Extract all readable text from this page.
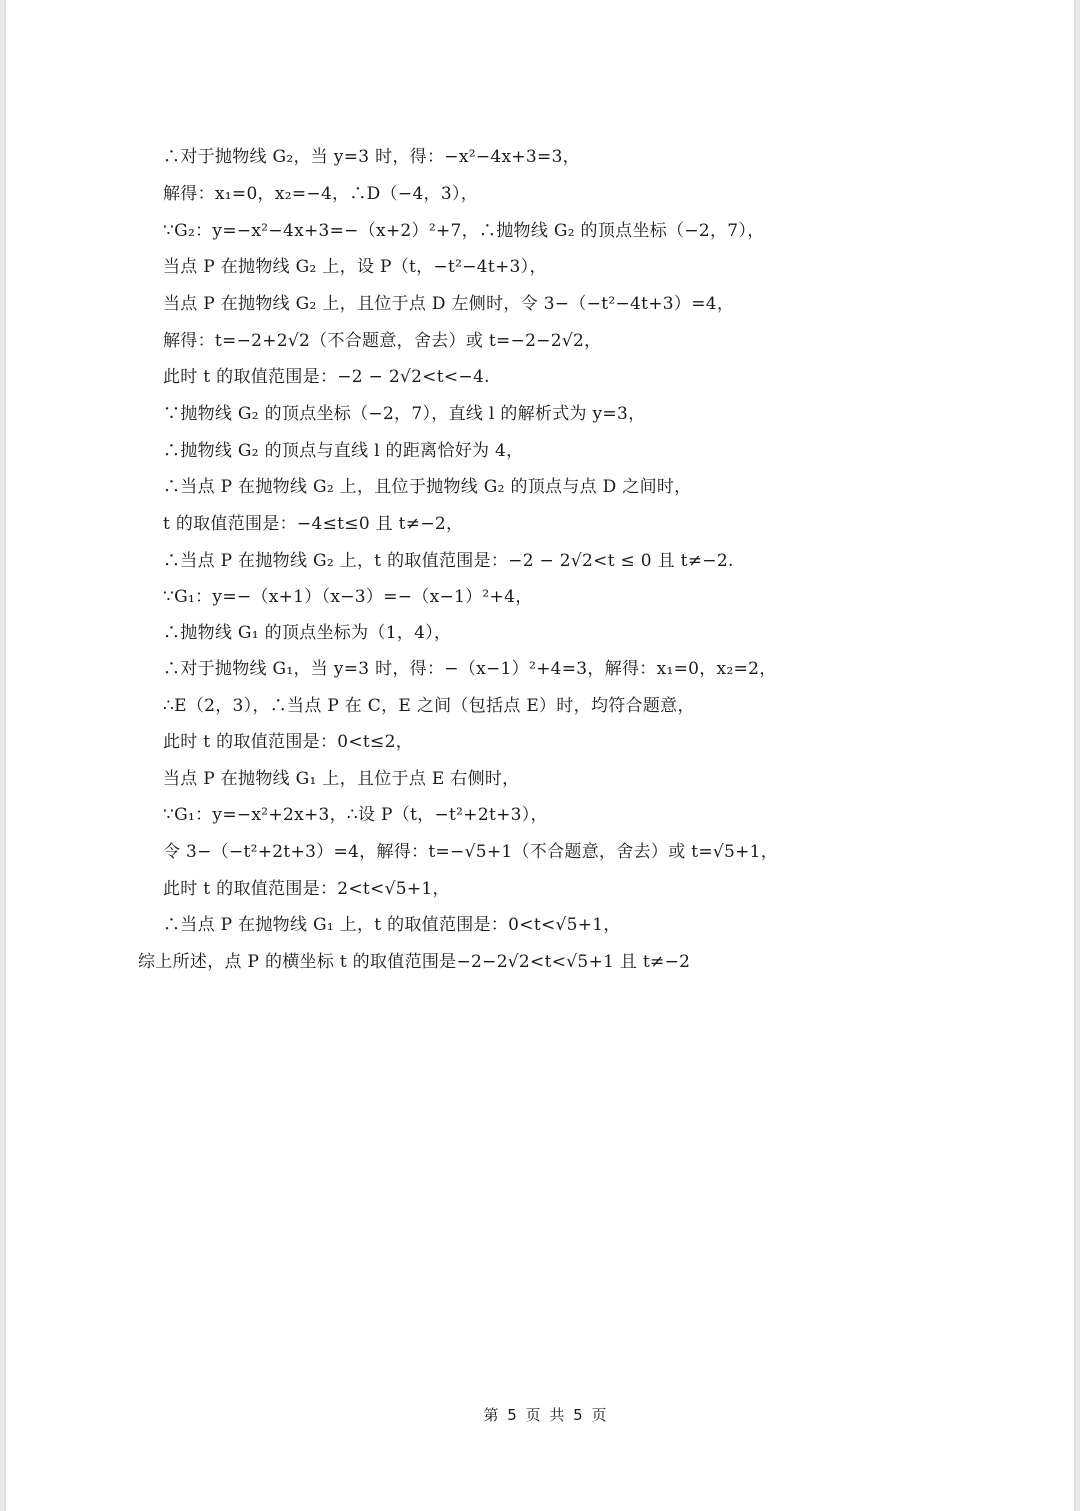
∴对于抛物线 G₂，当 y=3 时，得：−x²−4x+3=3，
解得：x₁=0，x₂=−4，∴D（−4，3），
∵G₂：y=−x²−4x+3=−（x+2）²+7，∴抛物线 G₂ 的顶点坐标（−2，7），
当点 P 在抛物线 G₂ 上，设 P（t，−t²−4t+3），
当点 P 在抛物线 G₂ 上，且位于点 D 左侧时，令 3−（−t²−4t+3）=4，
解得：t=−2+2√2（不合题意，舍去）或 t=−2−2√2，
此时 t 的取值范围是：−2 − 2√2<t<−4.
∵抛物线 G₂ 的顶点坐标（−2，7），直线 l 的解析式为 y=3，
∴抛物线 G₂ 的顶点与直线 l 的距离恰好为 4，
∴当点 P 在抛物线 G₂ 上，且位于抛物线 G₂ 的顶点与点 D 之间时，
t 的取值范围是：−4≤t≤0 且 t≠−2，
∴当点 P 在抛物线 G₂ 上，t 的取值范围是：−2 − 2√2<t ≤ 0 且 t≠−2.
∵G₁：y=−（x+1）（x−3）=−（x−1）²+4，
∴抛物线 G₁ 的顶点坐标为（1，4），
∴对于抛物线 G₁，当 y=3 时，得：−（x−1）²+4=3，解得：x₁=0，x₂=2，
∴E（2，3），∴当点 P 在 C，E 之间（包括点 E）时，均符合题意，
此时 t 的取值范围是：0<t≤2，
当点 P 在抛物线 G₁ 上，且位于点 E 右侧时，
∵G₁：y=−x²+2x+3，∴设 P（t，−t²+2t+3），
令 3−（−t²+2t+3）=4，解得：t=−√5+1（不合题意，舍去）或 t=√5+1，
此时 t 的取值范围是：2<t<√5+1，
∴当点 P 在抛物线 G₁ 上，t 的取值范围是：0<t<√5+1，
综上所述，点 P 的横坐标 t 的取值范围是−2−2√2<t<√5+1 且 t≠−2
第 5 页 共 5 页
